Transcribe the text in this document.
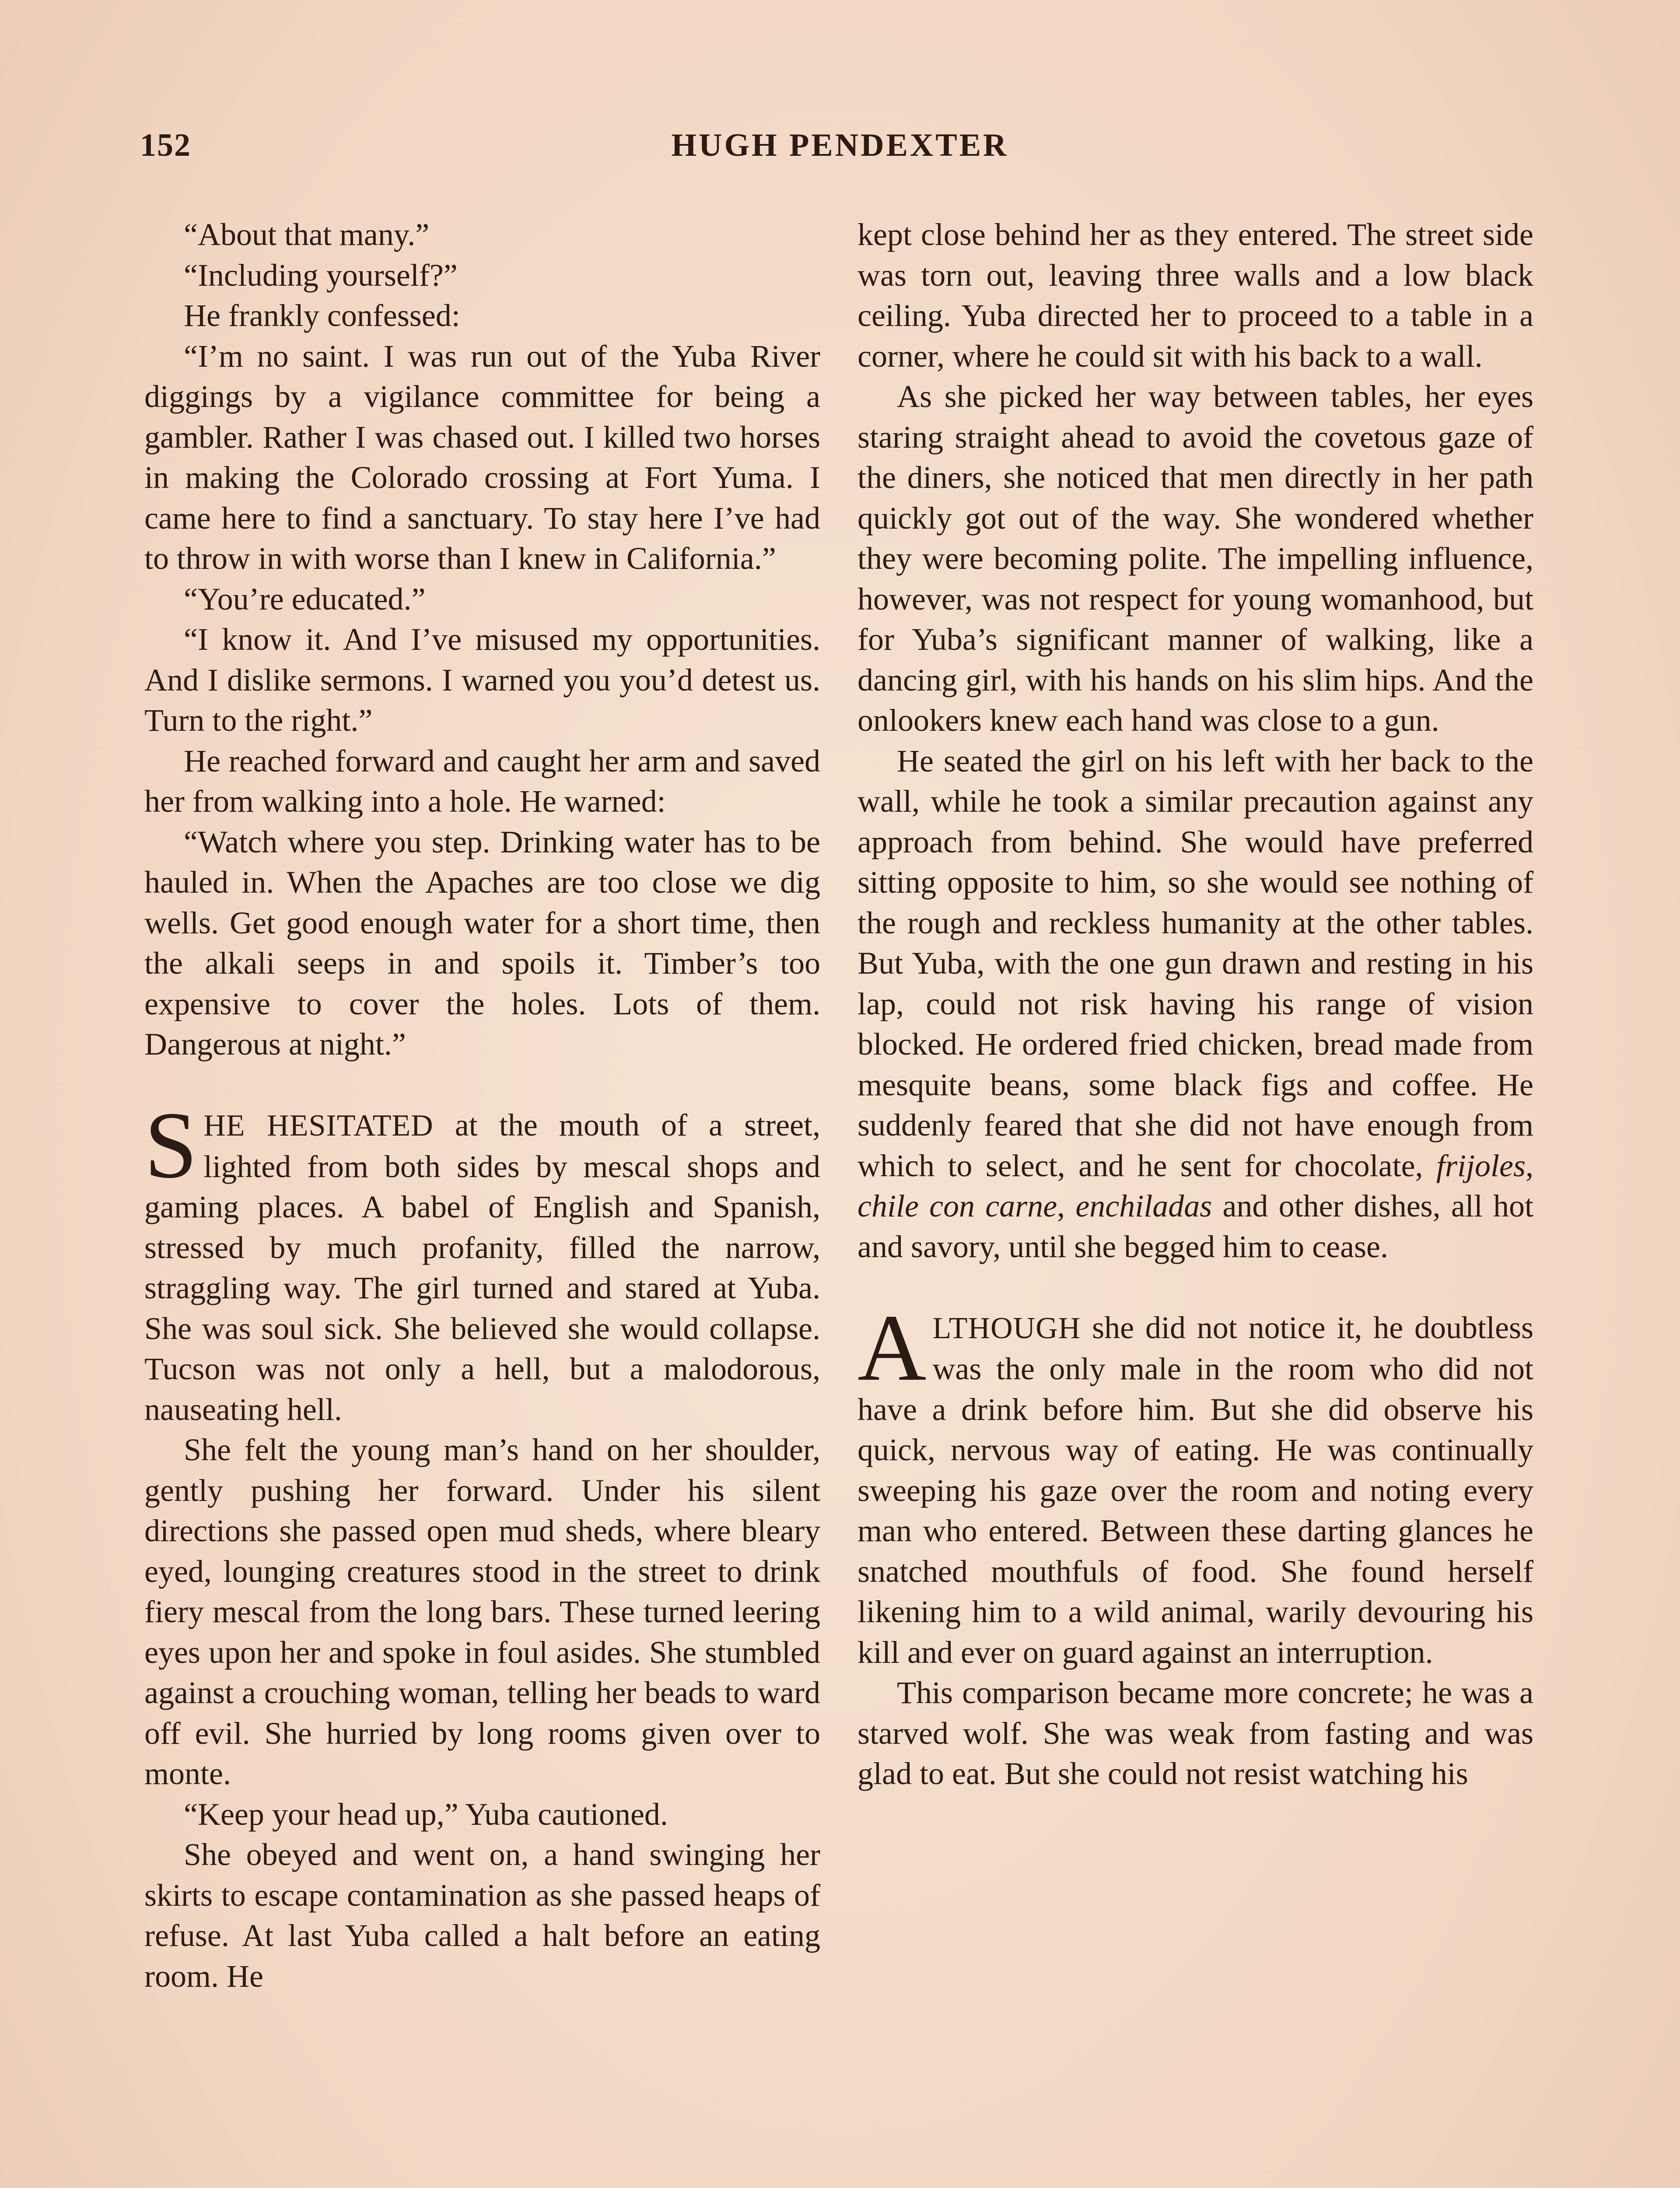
152	HUGH PENDEXTER

“About that many.”

“Including yourself?”

He frankly confessed:

“I’m no saint. I was run out of the Yuba River diggings by a vigilance committee for being a gambler. Rather I was chased out. I killed two horses in making the Colorado crossing at Fort Yuma. I came here to find a sanctuary. To stay here I’ve had to throw in with worse than I knew in California.”

“You’re educated.”

“I know it. And I’ve misused my opportunities. And I dislike sermons. I warned you you’d detest us. Turn to the right.”

He reached forward and caught her arm and saved her from walking into a hole. He warned:

“Watch where you step. Drinking water has to be hauled in. When the Apaches are too close we dig wells. Get good enough water for a short time, then the alkali seeps in and spoils it. Timber’s too expensive to cover the holes. Lots of them. Dangerous at night.”

SHE HESITATED at the mouth of a street, lighted from both sides by mescal shops and gaming places. A babel of English and Spanish, stressed by much profanity, filled the narrow, straggling way. The girl turned and stared at Yuba. She was soul sick. She believed she would collapse. Tucson was not only a hell, but a malodorous, nauseating hell.

She felt the young man’s hand on her shoulder, gently pushing her forward. Under his silent directions she passed open mud sheds, where bleary eyed, lounging creatures stood in the street to drink fiery mescal from the long bars. These turned leering eyes upon her and spoke in foul asides. She stumbled against a crouching woman, telling her beads to ward off evil. She hurried by long rooms given over to monte.

“Keep your head up,” Yuba cautioned.

She obeyed and went on, a hand swinging her skirts to escape contamination as she passed heaps of refuse. At last Yuba called a halt before an eating room. He

kept close behind her as they entered. The street side was torn out, leaving three walls and a low black ceiling. Yuba directed her to proceed to a table in a corner, where he could sit with his back to a wall.

As she picked her way between tables, her eyes staring straight ahead to avoid the covetous gaze of the diners, she noticed that men directly in her path quickly got out of the way. She wondered whether they were becoming polite. The impelling influence, however, was not respect for young womanhood, but for Yuba’s significant manner of walking, like a dancing girl, with his hands on his slim hips. And the onlookers knew each hand was close to a gun.

He seated the girl on his left with her back to the wall, while he took a similar precaution against any approach from behind. She would have preferred sitting opposite to him, so she would see nothing of the rough and reckless humanity at the other tables. But Yuba, with the one gun drawn and resting in his lap, could not risk having his range of vision blocked. He ordered fried chicken, bread made from mesquite beans, some black figs and coffee. He suddenly feared that she did not have enough from which to select, and he sent for chocolate, frijoles, chile con carne, enchiladas and other dishes, all hot and savory, until she begged him to cease.

ALTHOUGH she did not notice it, he doubtless was the only male in the room who did not have a drink before him. But she did observe his quick, nervous way of eating. He was continually sweeping his gaze over the room and noting every man who entered. Between these darting glances he snatched mouthfuls of food. She found herself likening him to a wild animal, warily devouring his kill and ever on guard against an interruption.

This comparison became more concrete; he was a starved wolf. She was weak from fasting and was glad to eat. But she could not resist watching his
